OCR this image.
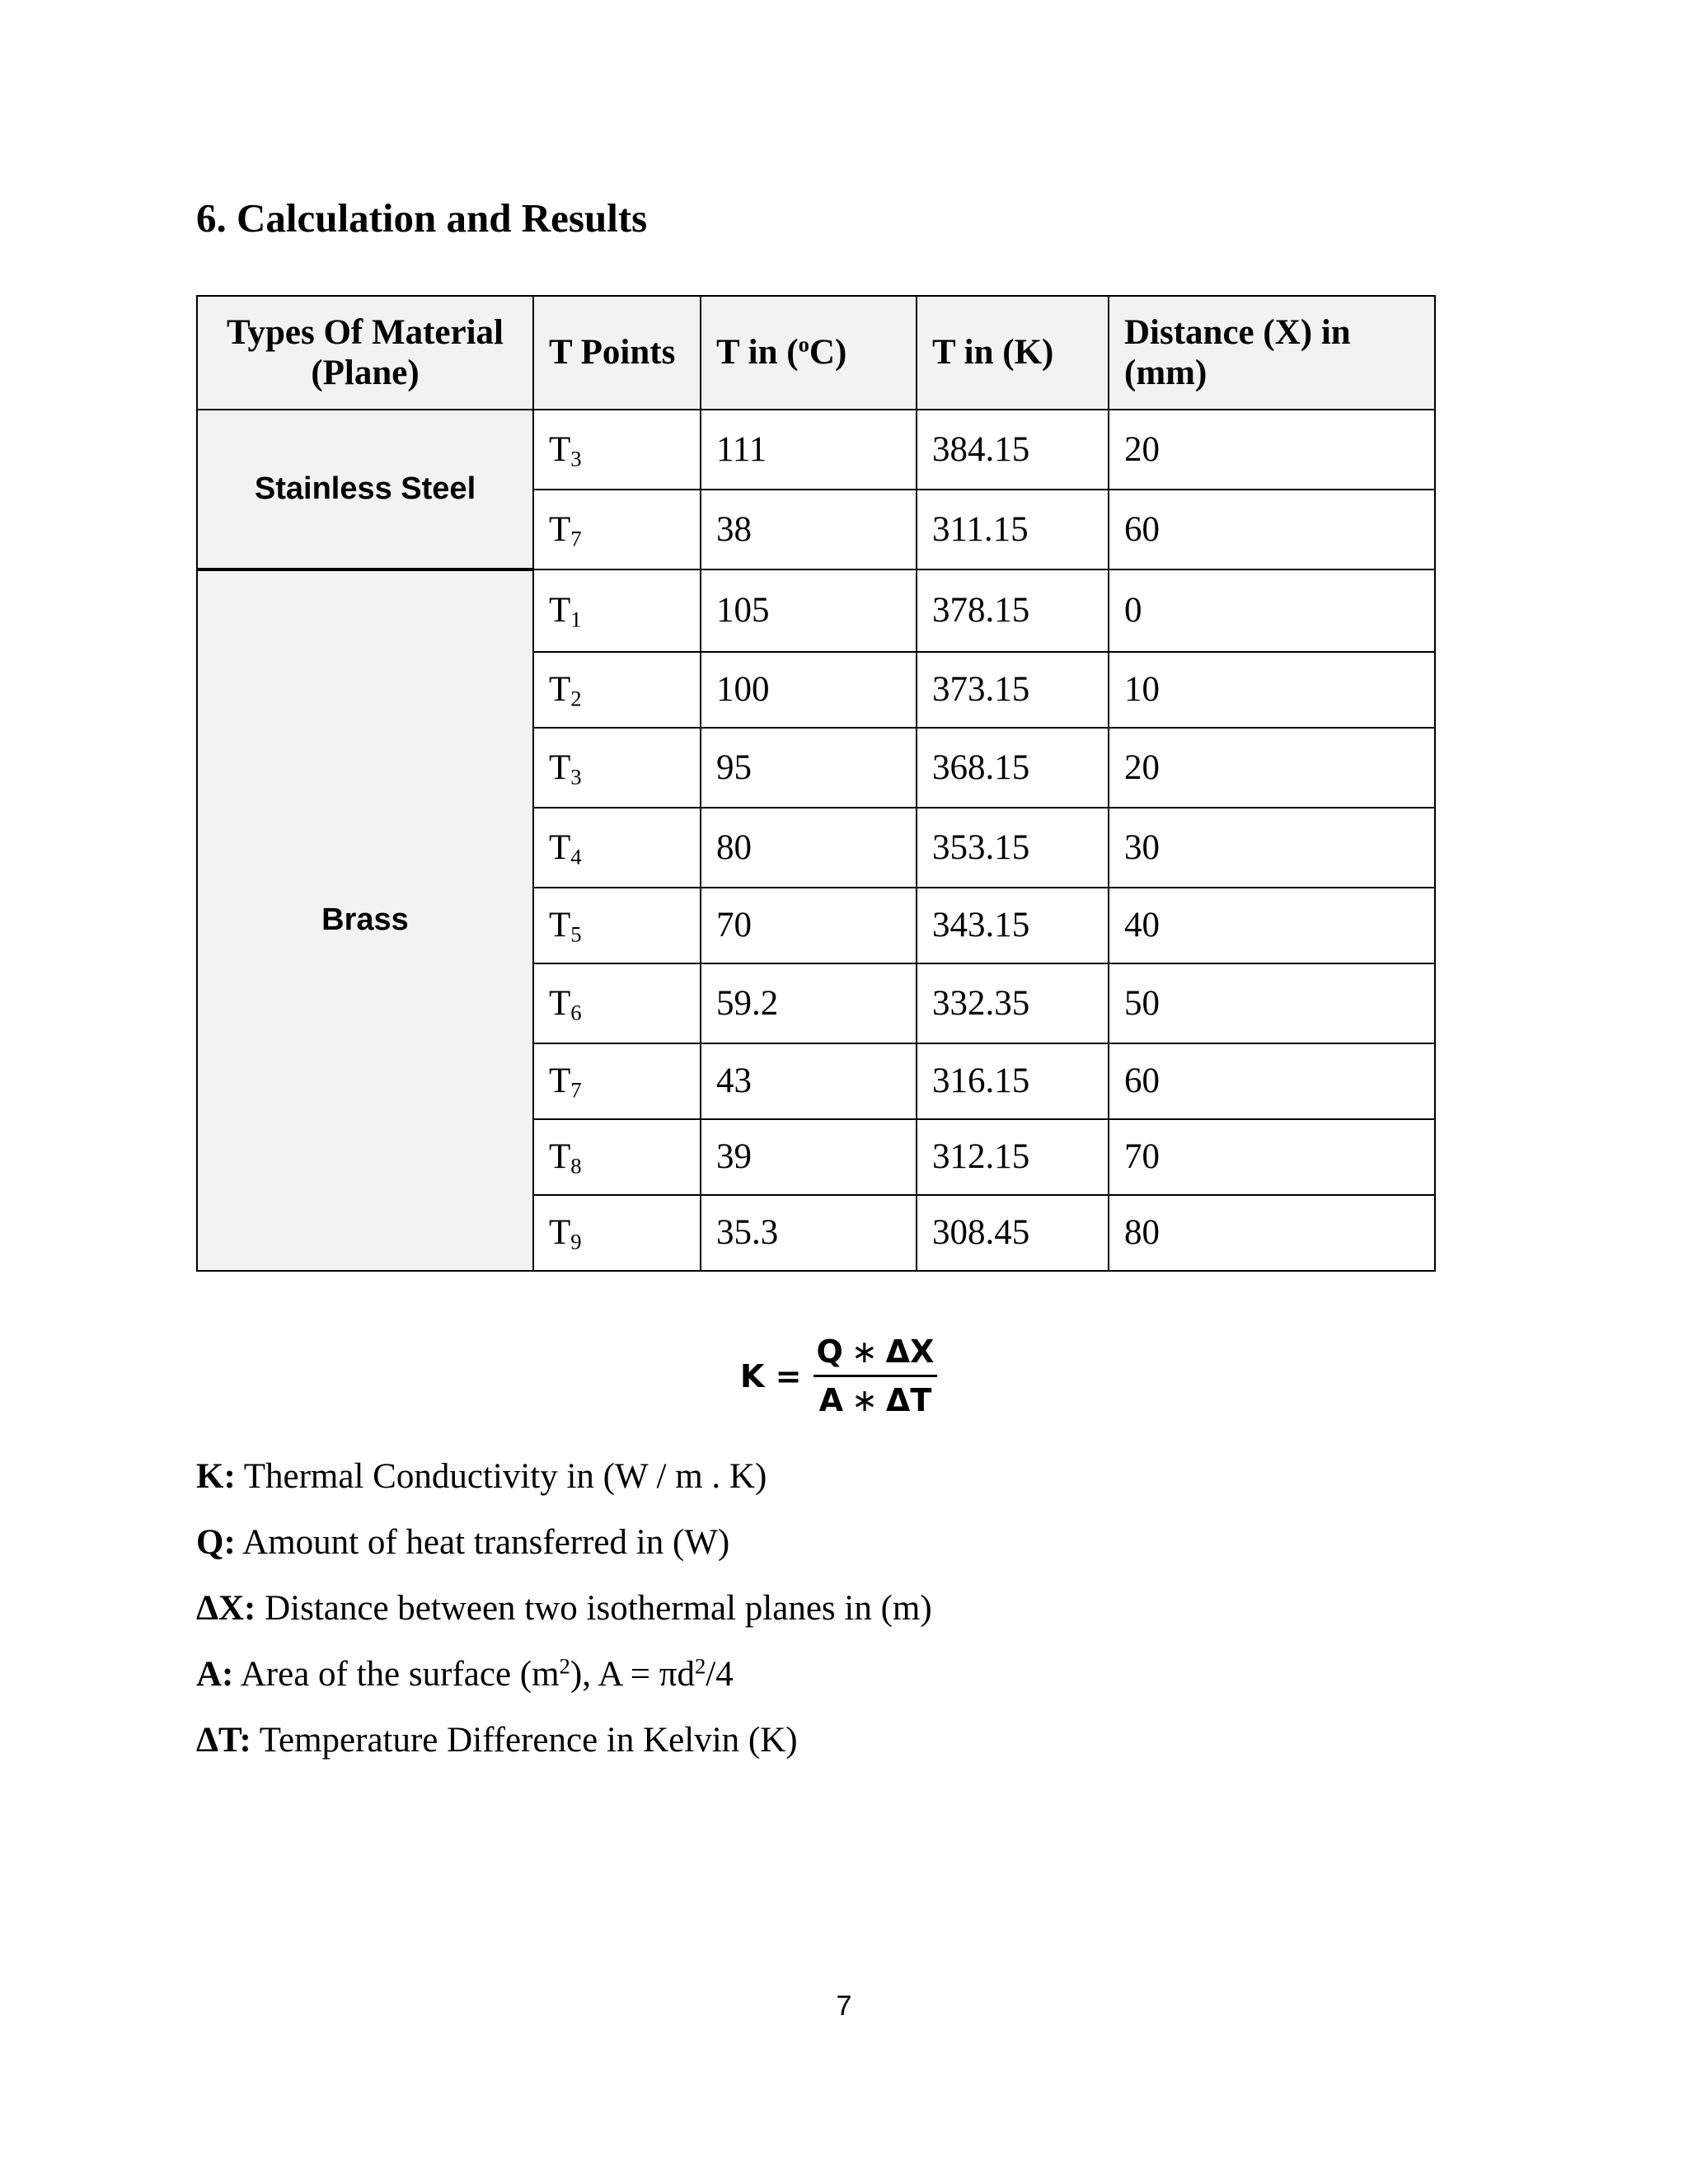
6. Calculation and Results
Types Of Material
(Plane)	T Points	T in ($^o$C)	T in (K)	Distance (X) in
(mm)
Stainless Steel	$T_3$	111	384.15	20
	$T_7$	38	311.15	60
Brass	$T_1$	105	378.15	0
	$T_2$	100	373.15	10
	$T_3$	95	368.15	20
	$T_4$	80	353.15	30
	$T_5$	70	343.15	40
	$T_6$	59.2	332.35	50
	$T_7$	43	316.15	60
	$T_8$	39	312.15	70
	$T_9$	35.3	308.45	80
$K = \frac{Q ∗ \Delta X}{A ∗ \Delta T}$
K: Thermal Conductivity in (W / m . K)
Q: Amount of heat transferred in (W)
ΔX: Distance between two isothermal planes in (m)
A: Area of the surface $(m^2)$, $A = \pi d^2/4$
ΔT: Temperature Difference in Kelvin (K)
7
